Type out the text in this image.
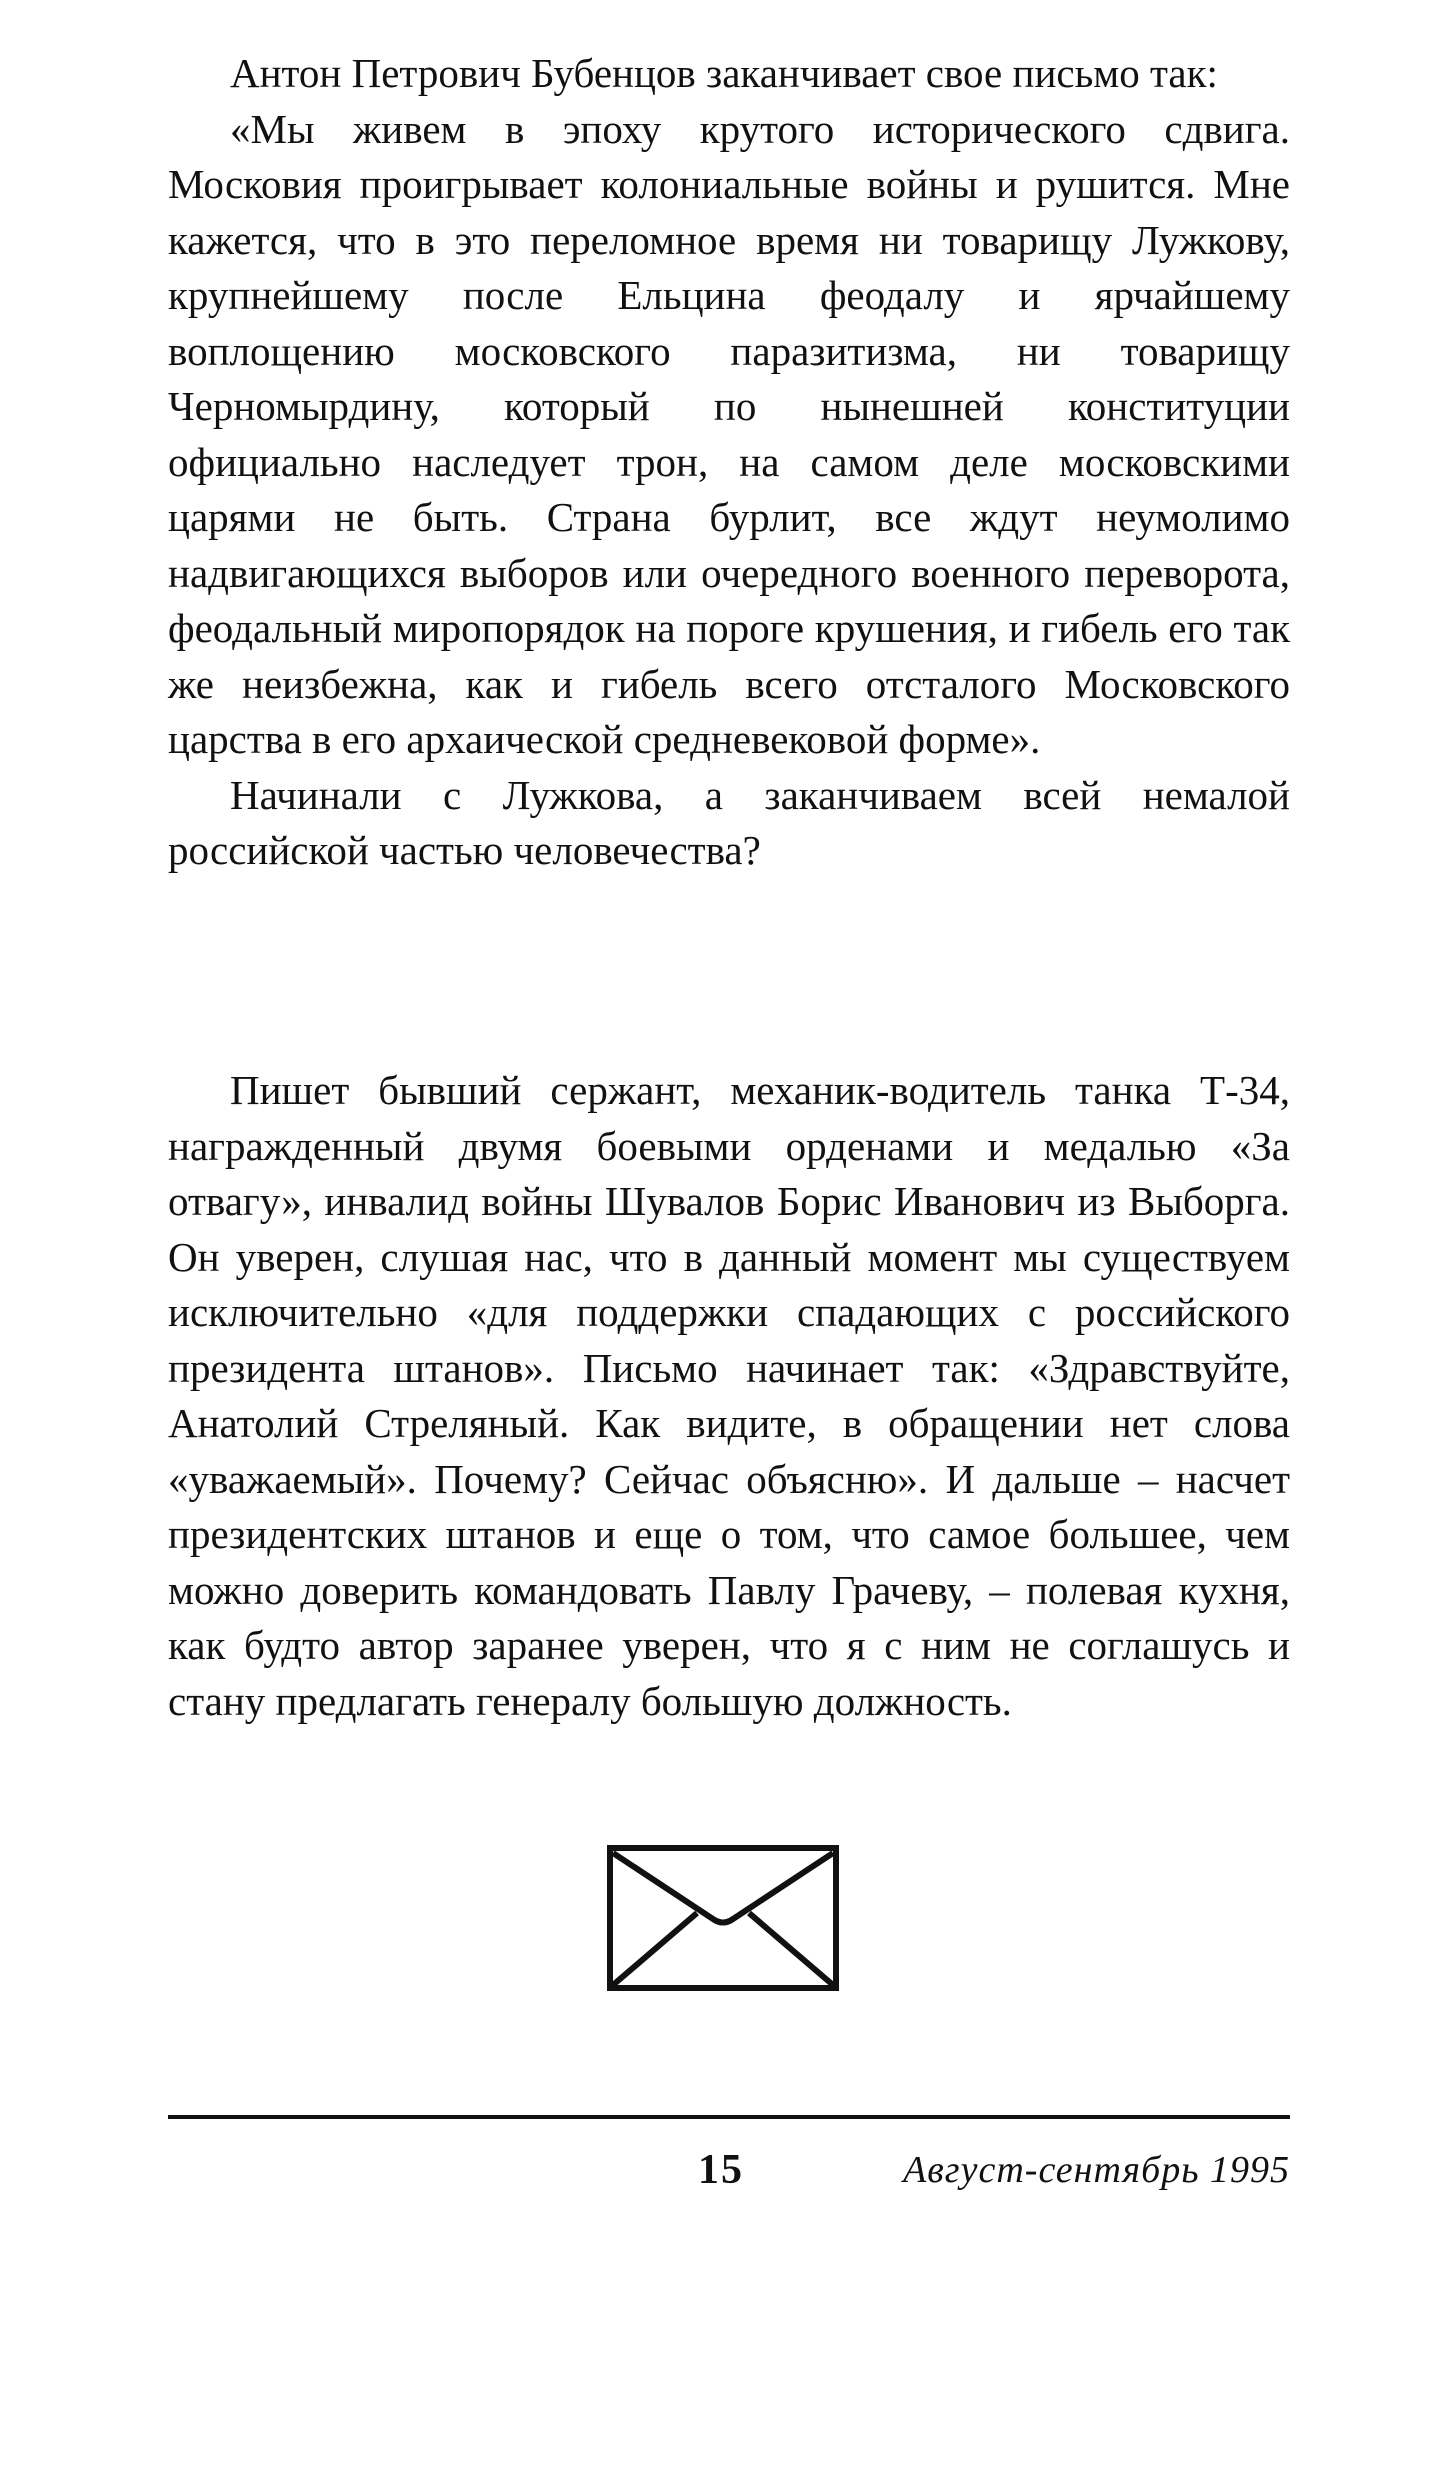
Антон Петрович Бубенцов заканчивает свое письмо так:

«Мы живем в эпоху крутого исторического сдвига. Московия проигрывает колониальные войны и рушится. Мне кажется, что в это переломное время ни товарищу Лужкову, крупнейшему после Ельцина феодалу и ярчайшему воплощению московского паразитизма, ни товарищу Черномырдину, который по нынешней конституции официально наследует трон, на самом деле московскими царями не быть. Страна бурлит, все ждут неумолимо надвигающихся выборов или очередного военного переворота, феодальный миропорядок на пороге крушения, и гибель его так же неизбежна, как и гибель всего отсталого Московского царства в его архаической средневековой форме».

Начинали с Лужкова, а заканчиваем всей немалой российской частью человечества?

Пишет бывший сержант, механик-водитель танка Т-34, награжденный двумя боевыми орденами и медалью «За отвагу», инвалид войны Шувалов Борис Иванович из Выборга. Он уверен, слушая нас, что в данный момент мы существуем исключительно «для поддержки спадающих с российского президента штанов». Письмо начинает так: «Здравствуйте, Анатолий Стреляный. Как видите, в обращении нет слова «уважаемый». Почему? Сейчас объясню». И дальше – насчет президентских штанов и еще о том, что самое большее, чем можно доверить командовать Павлу Грачеву, – полевая кухня, как будто автор заранее уверен, что я с ним не соглашусь и стану предлагать генералу большую должность.

15	Август-сентябрь 1995
